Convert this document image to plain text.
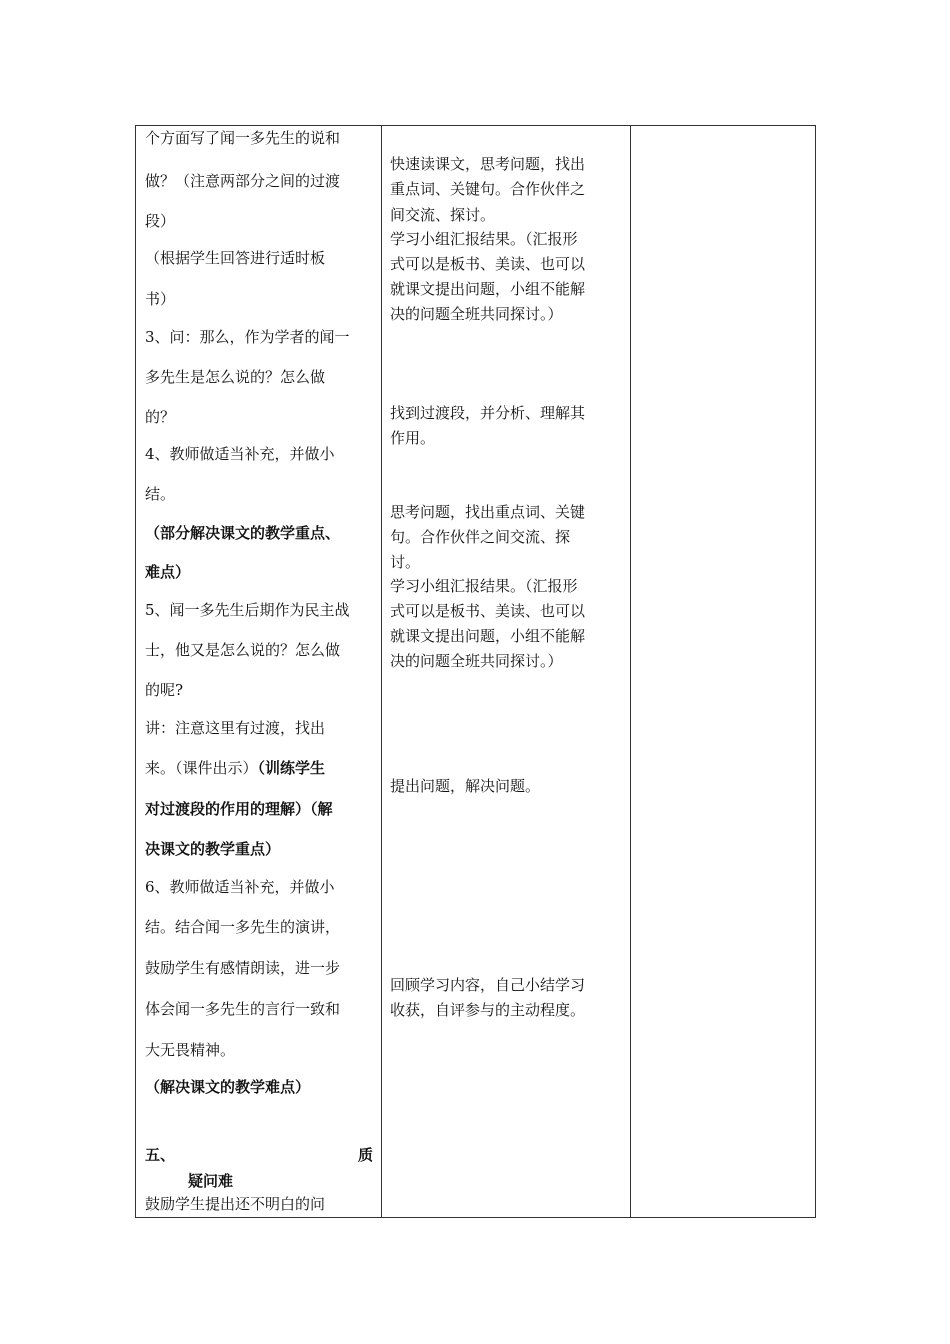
个方面写了闻一多先生的说和
做？（注意两部分之间的过渡
段）
（根据学生回答进行适时板
书）
3、问：那么，作为学者的闻一
多先生是怎么说的？怎么做
的？
4、教师做适当补充，并做小
结。
（部分解决课文的教学重点、
难点）
5、闻一多先生后期作为民主战
士，他又是怎么说的？怎么做
的呢?
讲：注意这里有过渡，找出
来。（课件出示）（训练学生
对过渡段的作用的理解）（解
决课文的教学重点）
6、教师做适当补充，并做小
结。结合闻一多先生的演讲，
鼓励学生有感情朗读，进一步
体会闻一多先生的言行一致和
大无畏精神。
（解决课文的教学难点）
五、	质
疑问难
鼓励学生提出还不明白的问
快速读课文，思考问题，找出
重点词、关键句。合作伙伴之
间交流、探讨。
学习小组汇报结果。（汇报形
式可以是板书、美读、也可以
就课文提出问题，小组不能解
决的问题全班共同探讨。）
找到过渡段，并分析、理解其
作用。
思考问题，找出重点词、关键
句。合作伙伴之间交流、探
讨。
学习小组汇报结果。（汇报形
式可以是板书、美读、也可以
就课文提出问题，小组不能解
决的问题全班共同探讨。）
提出问题，解决问题。
回顾学习内容，自己小结学习
收获，自评参与的主动程度。
